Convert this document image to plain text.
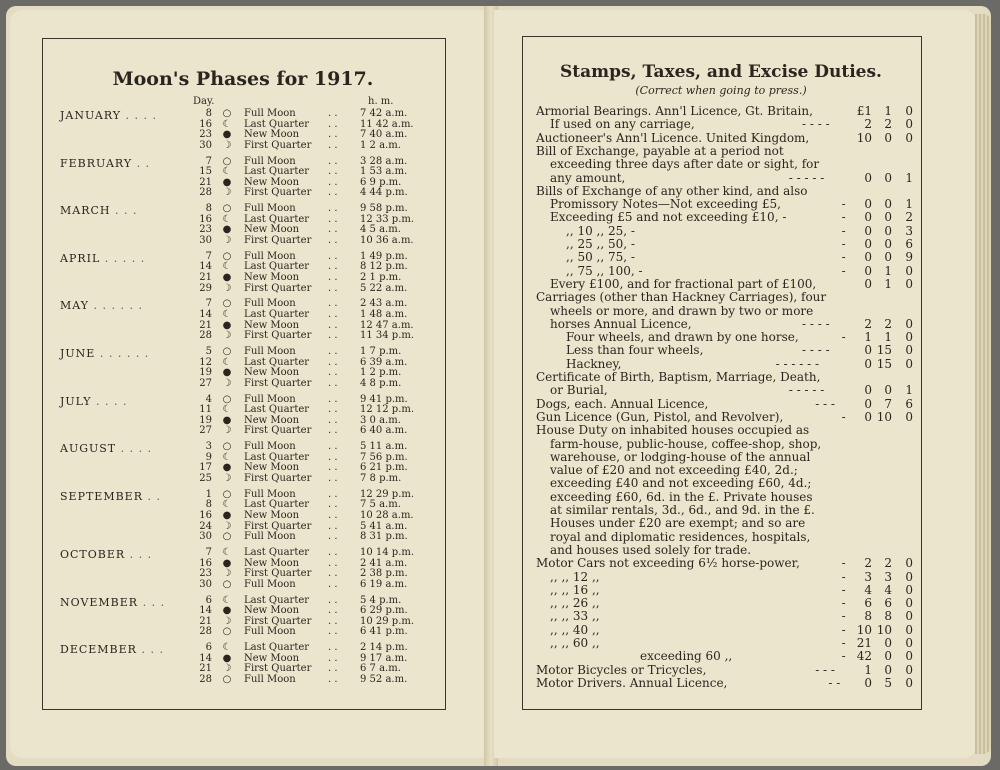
Moon's Phases for 1917.
Day.	h. m.
JANUARY . . . .	8 ○ Full Moon	. . 7 42 a.m.
16 ☾ Last Quarter . . 11 42 a.m.
23 ● New Moon	. . 7 40 a.m.
30 ☽ First Quarter . . 1 2 a.m.
FEBRUARY . .	7 ○ Full Moon	. . 3 28 a.m.
15 ☾ Last Quarter . . 1 53 a.m.
21 ● New Moon	. . 6 9 p.m.
28 ☽ First Quarter . . 4 44 p.m.
MARCH . . .	8 ○ Full Moon	. . 9 58 p.m.
16 ☾ Last Quarter . . 12 33 p.m.
23 ● New Moon	. . 4 5 a.m.
30 ☽ First Quarter . . 10 36 a.m.
APRIL . . . . .	7 ○ Full Moon	. . 1 49 p.m.
14 ☾ Last Quarter . . 8 12 p.m.
21 ● New Moon	. . 2 1 p.m.
29 ☽ First Quarter . . 5 22 a.m.
MAY . . . . . .	7 ○ Full Moon	. . 2 43 a.m.
14 ☾ Last Quarter . . 1 48 a.m.
21 ● New Moon	. . 12 47 a.m.
28 ☽ First Quarter . . 11 34 p.m.
JUNE . . . . . .	5 ○ Full Moon	. . 1 7 p.m.
12 ☾ Last Quarter . . 6 39 a.m.
19 ● New Moon	. . 1 2 p.m.
27 ☽ First Quarter . . 4 8 p.m.
JULY . . . .	4 ○ Full Moon	. . 9 41 p.m.
11 ☾ Last Quarter . . 12 12 p.m.
19 ● New Moon	. . 3 0 a.m.
27 ☽ First Quarter . . 6 40 a.m.
AUGUST . . . .	3 ○ Full Moon	. . 5 11 a.m.
9 ☾ Last Quarter . . 7 56 p.m.
17 ● New Moon	. . 6 21 p.m.
25 ☽ First Quarter . . 7 8 p.m.
SEPTEMBER . .	1 ○ Full Moon	. . 12 29 p.m.
8 ☾ Last Quarter . . 7 5 a.m.
16 ● New Moon	. . 10 28 a.m.
24 ☽ First Quarter . . 5 41 a.m.
30 ○ Full Moon	. . 8 31 p.m.
OCTOBER . . .	7 ☾ Last Quarter . . 10 14 p.m.
16 ● New Moon	. . 2 41 a.m.
23 ☽ First Quarter . . 2 38 p.m.
30 ○ Full Moon	. . 6 19 a.m.
NOVEMBER . . .	6 ☾ Last Quarter . . 5 4 p.m.
14 ● New Moon	. . 6 29 p.m.
21 ☽ First Quarter . . 10 29 p.m.
28 ○ Full Moon	. . 6 41 p.m.
DECEMBER . . .	6 ☾ Last Quarter . . 2 14 p.m.
14 ● New Moon	. . 9 17 a.m.
21 ☽ First Quarter . . 6 7 a.m.
28 ○ Full Moon	. . 9 52 a.m.
Stamps, Taxes, and Excise Duties.
(Correct when going to press.)
Armorial Bearings. Ann'l Licence, Gt. Britain,	£1	1	0
If used on any carriage,	- - - -	2	2	0
Auctioneer's Ann'l Licence. United Kingdom,	10	0	0
Bill of Exchange, payable at a period not
exceeding three days after date or sight, for
any amount,	- - - - -	0	0	1
Bills of Exchange of any other kind, and also
Promissory Notes—Not exceeding £5,	-	0	0	1
Exceeding £5 and not exceeding £10, -	-	0	0	2
,, 10 ,, 25, -	-	0	0	3
,, 25 ,, 50, -	-	0	0	6
,, 50 ,, 75, -	-	0	0	9
,, 75 ,, 100, -	-	0	1	0
Every £100, and for fractional part of £100,	0	1	0
Carriages (other than Hackney Carriages), four
wheels or more, and drawn by two or more
horses Annual Licence,	- - - -	2	2	0
Four wheels, and drawn by one horse,	-	1	1	0
Less than four wheels,	- - - -	0 15	0
Hackney,	- - - - - -	0 15	0
Certificate of Birth, Baptism, Marriage, Death,
or Burial,	- - - - -	0	0	1
Dogs, each. Annual Licence,	- - -	0	7	6
Gun Licence (Gun, Pistol, and Revolver),	-	0 10	0
House Duty on inhabited houses occupied as
farm-house, public-house, coffee-shop, shop,
warehouse, or lodging-house of the annual
value of £20 and not exceeding £40, 2d.;
exceeding £40 and not exceeding £60, 4d.;
exceeding £60, 6d. in the £. Private houses
at similar rentals, 3d., 6d., and 9d. in the £.
Houses under £20 are exempt; and so are
royal and diplomatic residences, hospitals,
and houses used solely for trade.
Motor Cars not exceeding 6½ horse-power,	-	2	2	0
,, ,, 12 ,,	-	3	3	0
,, ,, 16 ,,	-	4	4	0
,, ,, 26 ,,	-	6	6	0
,, ,, 33 ,,	-	8	8	0
,, ,, 40 ,,	- 10 10	0
,, ,, 60 ,,	- 21	0	0
exceeding 60 ,,	- 42	0	0
Motor Bicycles or Tricycles,	- - -	1	0	0
Motor Drivers. Annual Licence,	- -	0	5	0
